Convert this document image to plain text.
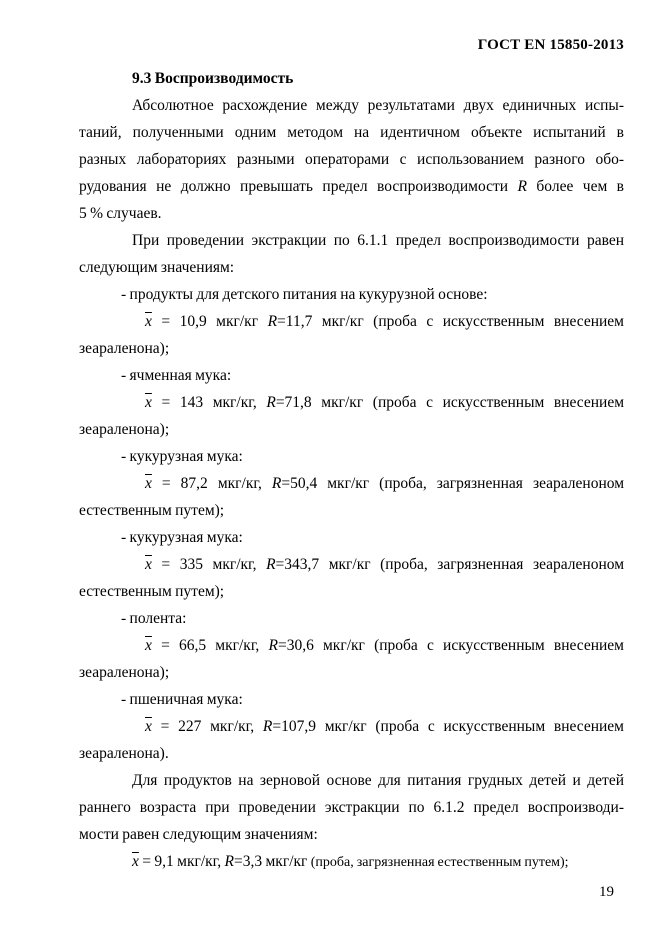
ГОСТ EN 15850-2013
9.3 Воспроизводимость
Абсолютное расхождение между результатами двух единичных испы-
таний, полученными одним методом на идентичном объекте испытаний в
разных лабораториях разными операторами с использованием разного обо-
рудования не должно превышать предел воспроизводимости R более чем в
5 % случаев.
При проведении экстракции по 6.1.1 предел воспроизводимости равен
следующим значениям:
- продукты для детского питания на кукурузной основе:
$\overline{x} = 10,9$ мкг/кг R=11,7 мкг/кг (проба с искусственным внесением
зеараленона);
- ячменная мука:
$\overline{x} = 143$ мкг/кг, R=71,8 мкг/кг (проба с искусственным внесением
зеараленона);
- кукурузная мука:
$\overline{x} = 87,2$ мкг/кг, R=50,4 мкг/кг (проба, загрязненная зеараленоном
естественным путем);
- кукурузная мука:
$\overline{x} = 335$ мкг/кг, R=343,7 мкг/кг (проба, загрязненная зеараленоном
естественным путем);
- полента:
$\overline{x} = 66,5$ мкг/кг, R=30,6 мкг/кг (проба с искусственным внесением
зеараленона);
- пшеничная мука:
$\overline{x} = 227$ мкг/кг, R=107,9 мкг/кг (проба с искусственным внесением
зеараленона).
Для продуктов на зерновой основе для питания грудных детей и детей
раннего возраста при проведении экстракции по 6.1.2 предел воспроизводи-
мости равен следующим значениям:
$\overline{x} = 9,1$ мкг/кг, R=3,3 мкг/кг (проба, загрязненная естественным путем);
19
